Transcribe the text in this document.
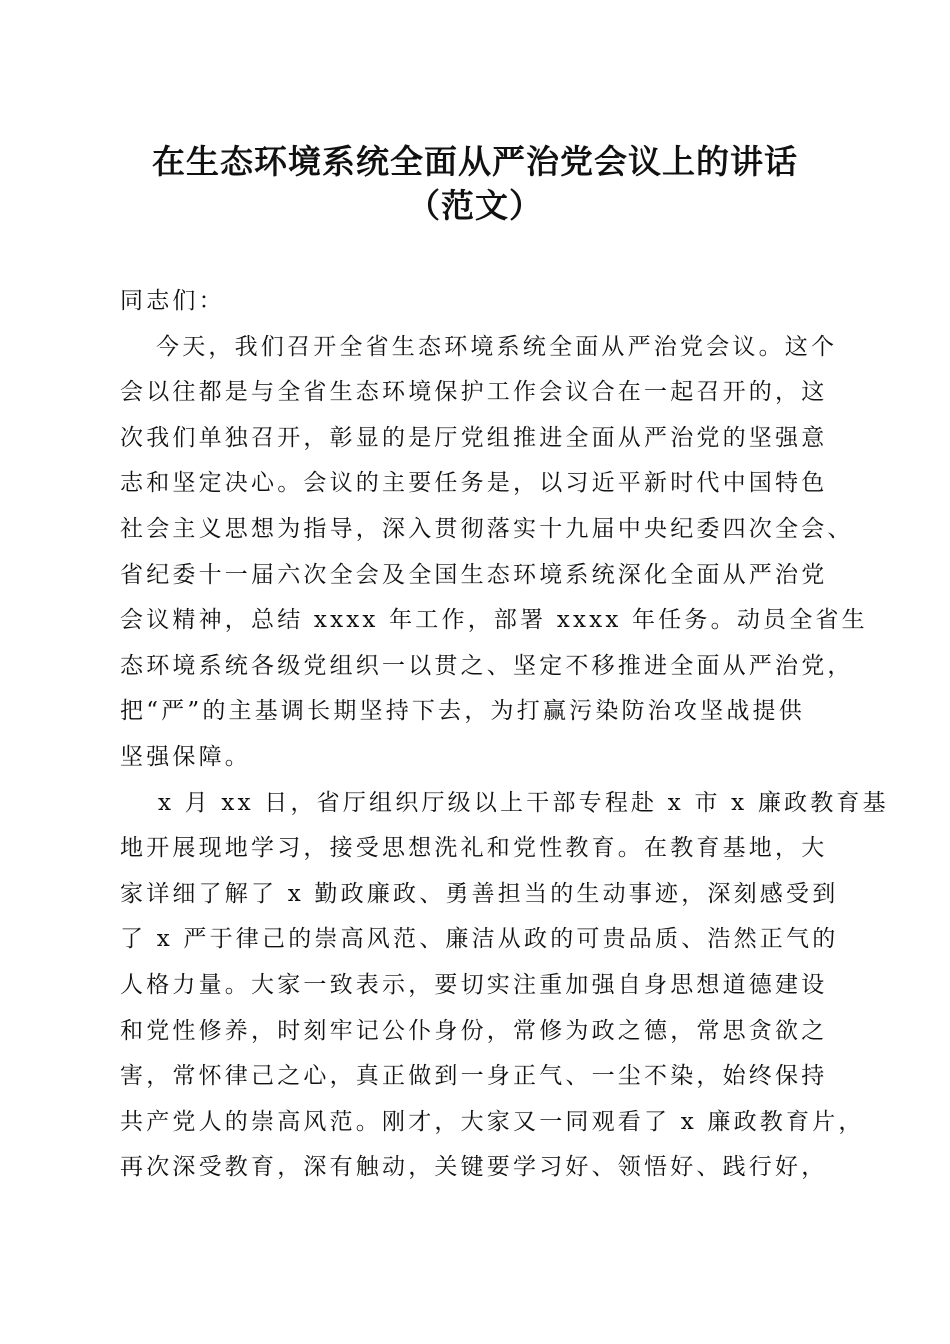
在生态环境系统全面从严治党会议上的讲话
（范文）
同志们：
今天，我们召开全省生态环境系统全面从严治党会议。这个
会以往都是与全省生态环境保护工作会议合在一起召开的，这
次我们单独召开，彰显的是厅党组推进全面从严治党的坚强意
志和坚定决心。会议的主要任务是，以习近平新时代中国特色
社会主义思想为指导，深入贯彻落实十九届中央纪委四次全会、
省纪委十一届六次全会及全国生态环境系统深化全面从严治党
会议精神，总结 xxxx 年工作，部署 xxxx 年任务。动员全省生
态环境系统各级党组织一以贯之、坚定不移推进全面从严治党，
把“严”的主基调长期坚持下去，为打赢污染防治攻坚战提供
坚强保障。
x 月 xx 日，省厅组织厅级以上干部专程赴 x 市 x 廉政教育基
地开展现地学习，接受思想洗礼和党性教育。在教育基地，大
家详细了解了 x 勤政廉政、勇善担当的生动事迹，深刻感受到
了 x 严于律己的崇高风范、廉洁从政的可贵品质、浩然正气的
人格力量。大家一致表示，要切实注重加强自身思想道德建设
和党性修养，时刻牢记公仆身份，常修为政之德，常思贪欲之
害，常怀律己之心，真正做到一身正气、一尘不染，始终保持
共产党人的崇高风范。刚才，大家又一同观看了 x 廉政教育片，
再次深受教育，深有触动，关键要学习好、领悟好、践行好，
